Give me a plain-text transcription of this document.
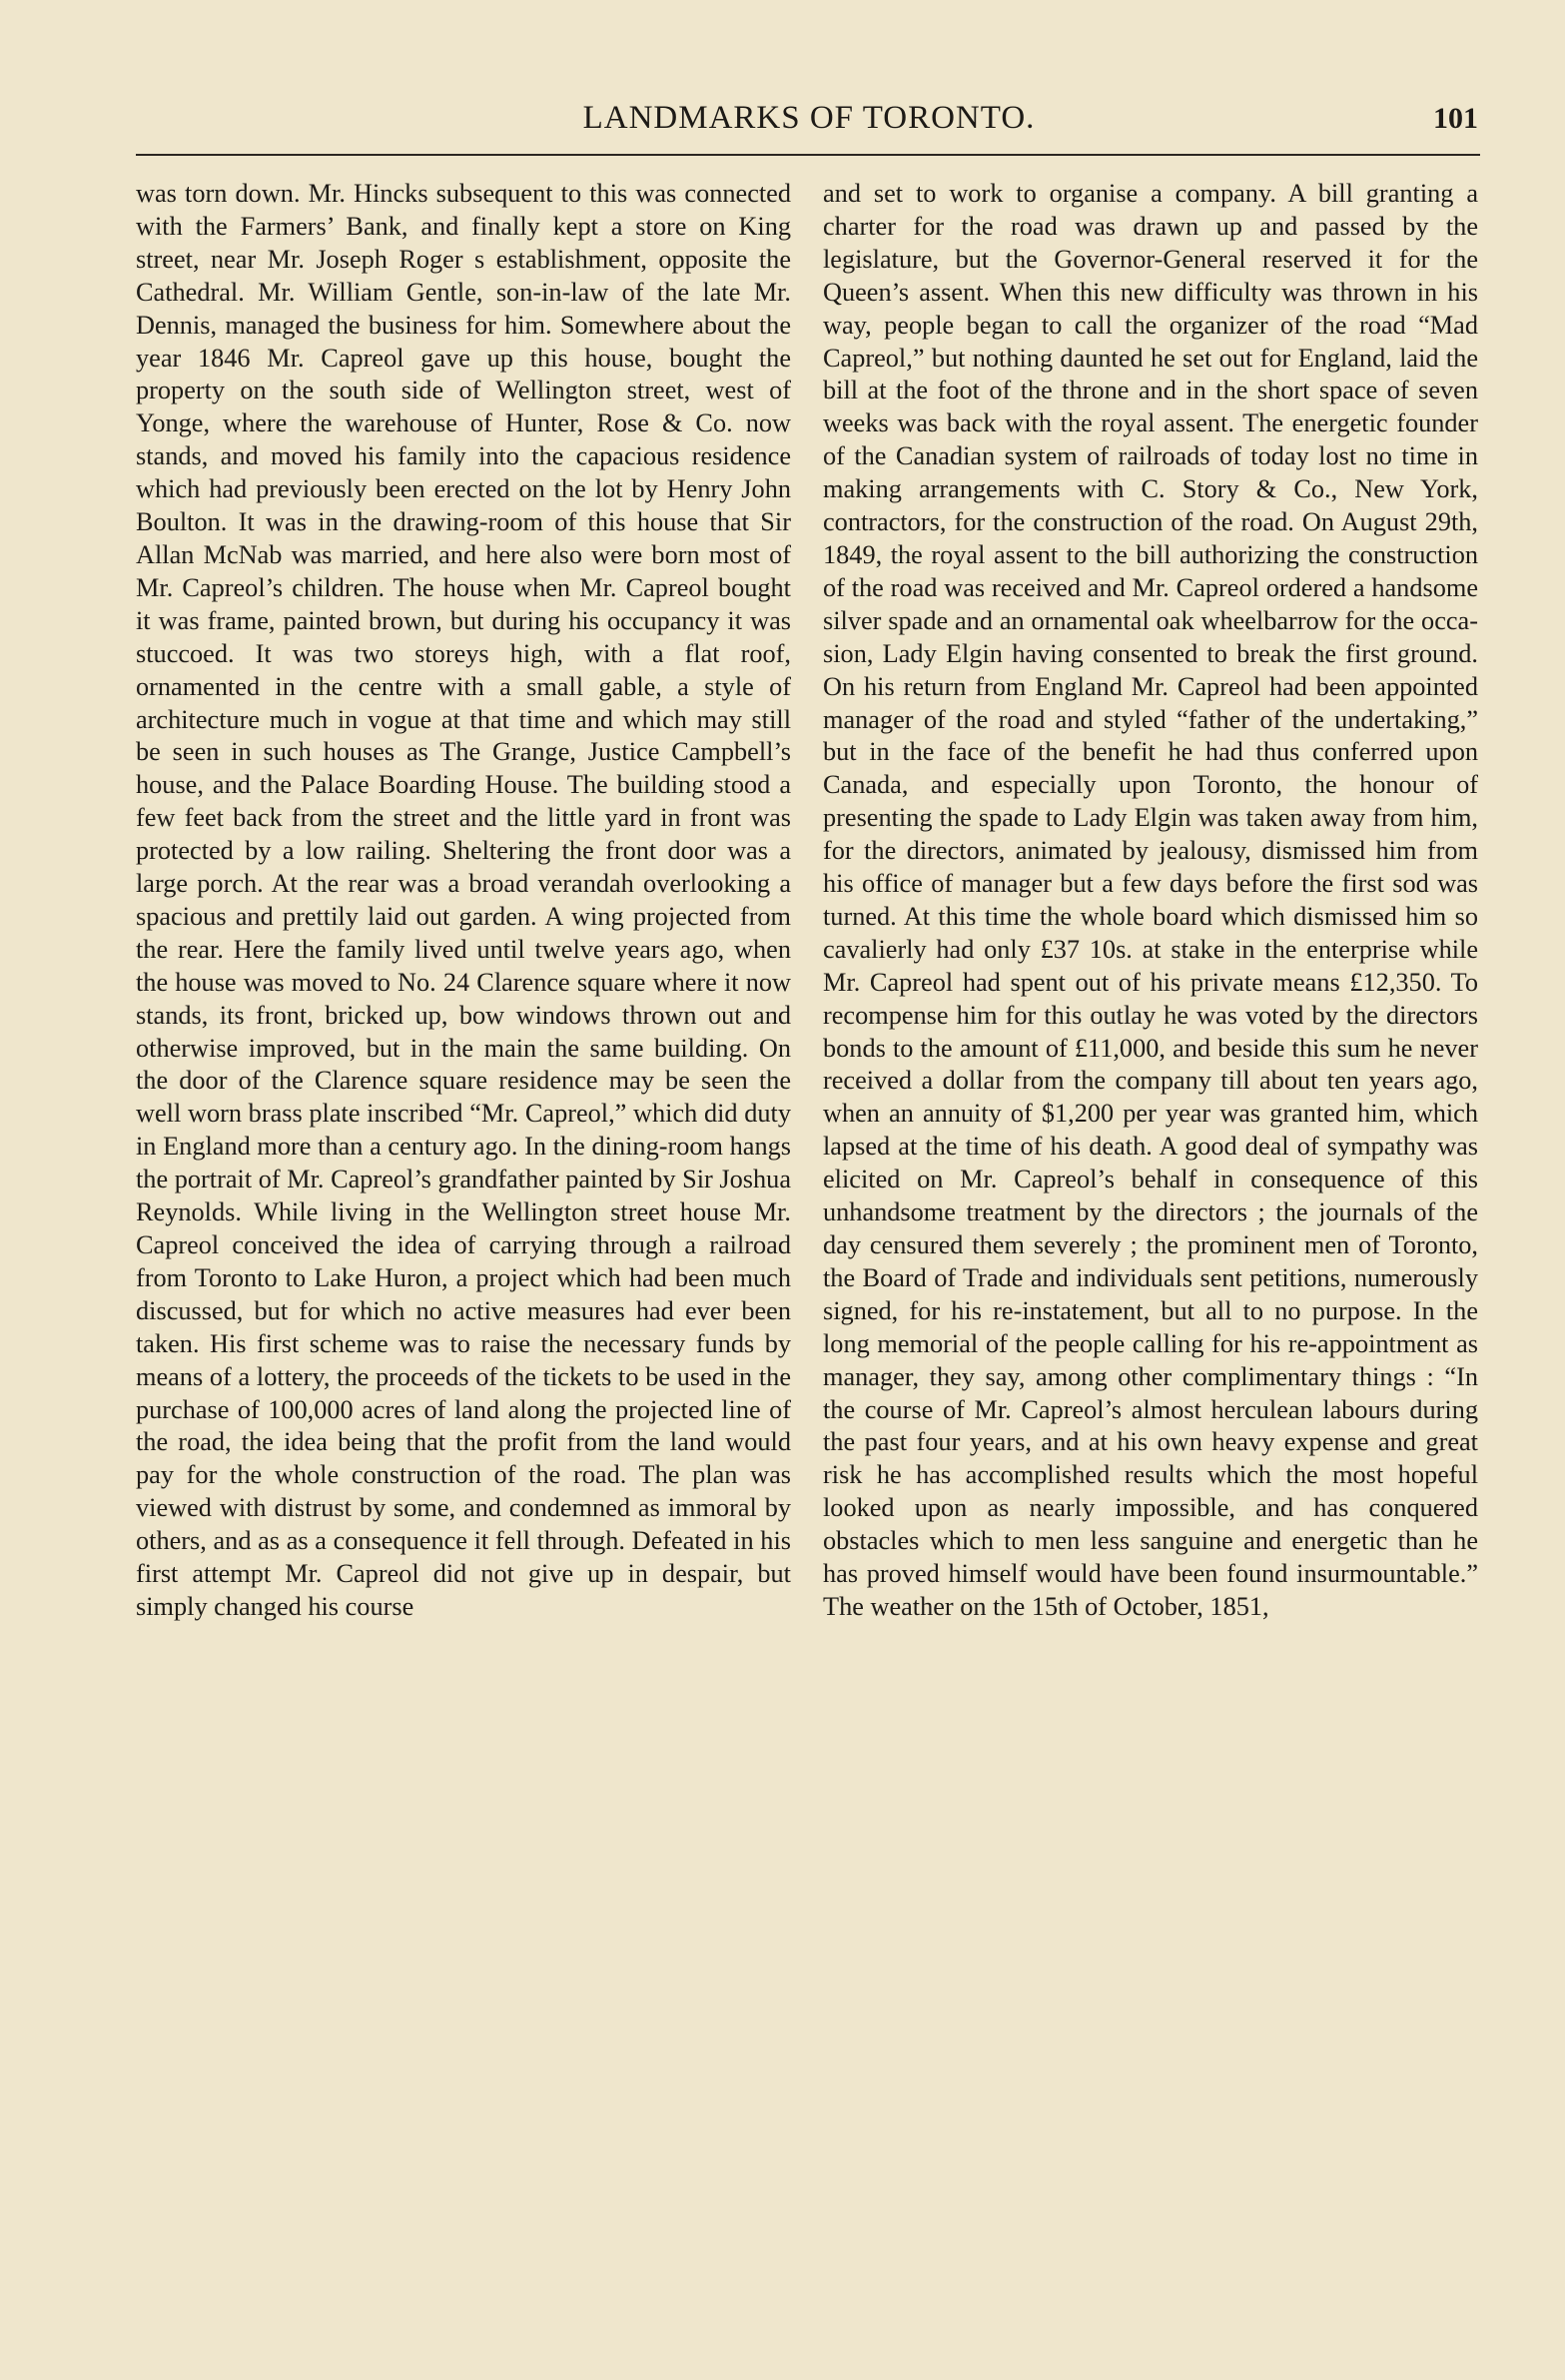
LANDMARKS OF TORONTO.	101

was torn down. Mr. Hincks subsequent to this was connected with the Farmers’ Bank, and finally kept a store on King street, near Mr. Joseph Roger s establishment, opposite the Cathedral. Mr. William Gentle, son-in-law of the late Mr. Dennis, managed the business for him. Somewhere about the year 1846 Mr. Capreol gave up this house, bought the property on the south side of Wellington street, west of Yonge, where the warehouse of Hunter, Rose & Co. now stands, and moved his family into the capacious residence which had previously been erected on the lot by Henry John Boulton. It was in the drawing-room of this house that Sir Allan McNab was married, and here also were born most of Mr. Capreol’s children. The house when Mr. Capreol bought it was frame, painted brown, but during his occupancy it was stuccoed. It was two storeys high, with a flat roof, ornamented in the centre with a small gable, a style of architecture much in vogue at that time and which may still be seen in such houses as The Grange, Justice Campbell’s house, and the Palace Boarding House. The building stood a few feet back from the street and the little yard in front was protected by a low railing. Sheltering the front door was a large porch. At the rear was a broad verandah overlooking a spacious and prettily laid out garden. A wing projected from the rear. Here the family lived until twelve years ago, when the house was moved to No. 24 Clarence square where it now stands, its front, bricked up, bow windows thrown out and otherwise improved, but in the main the same building. On the door of the Clarence square residence may be seen the well worn brass plate inscribed “Mr. Capreol,” which did duty in England more than a century ago. In the dining-room hangs the portrait of Mr. Capreol’s grandfather painted by Sir Joshua Reynolds. While living in the Wellington street house Mr. Capreol conceived the idea of carrying through a railroad from Toronto to Lake Huron, a project which had been much discussed, but for which no active measures had ever been taken. His first scheme was to raise the necessary funds by means of a lottery, the proceeds of the tickets to be used in the purchase of 100,000 acres of land along the projected line of the road, the idea being that the profit from the land would pay for the whole construction of the road. The plan was viewed with distrust by some, and condemned as immoral by others, and as as a consequence it fell through. Defeated in his first attempt Mr. Capreol did not give up in despair, but simply changed his course

and set to work to organise a company. A bill granting a charter for the road was drawn up and passed by the legislature, but the Governor-General reserved it for the Queen’s assent. When this new difficulty was thrown in his way, people began to call the organizer of the road “Mad Capreol,” but nothing daunted he set out for England, laid the bill at the foot of the throne and in the short space of seven weeks was back with the royal assent. The energetic founder of the Canadian system of railroads of today lost no time in making arrangements with C. Story & Co., New York, contractors, for the construction of the road. On August 29th, 1849, the royal assent to the bill authorizing the construction of the road was received and Mr. Capreol ordered a handsome silver spade and an ornamental oak wheelbarrow for the occasion, Lady Elgin having consented to break the first ground. On his return from England Mr. Capreol had been appointed manager of the road and styled “father of the undertaking,” but in the face of the benefit he had thus conferred upon Canada, and especially upon Toronto, the honour of presenting the spade to Lady Elgin was taken away from him, for the directors, animated by jealousy, dismissed him from his office of manager but a few days before the first sod was turned. At this time the whole board which dismissed him so cavalierly had only £37 10s. at stake in the enterprise while Mr. Capreol had spent out of his private means £12,350. To recompense him for this outlay he was voted by the directors bonds to the amount of £11,000, and beside this sum he never received a dollar from the company till about ten years ago, when an annuity of $1,200 per year was granted him, which lapsed at the time of his death. A good deal of sympathy was elicited on Mr. Capreol’s behalf in consequence of this unhandsome treatment by the directors ; the journals of the day censured them severely ; the prominent men of Toronto, the Board of Trade and individuals sent petitions, numerously signed, for his re-instatement, but all to no purpose. In the long memorial of the people calling for his re-appointment as manager, they say, among other complimentary things : “In the course of Mr. Capreol’s almost herculean labours during the past four years, and at his own heavy expense and great risk he has accomplished results which the most hopeful looked upon as nearly impossible, and has conquered obstacles which to men less sanguine and energetic than he has proved himself would have been found insurmountable.” The weather on the 15th of October, 1851,
